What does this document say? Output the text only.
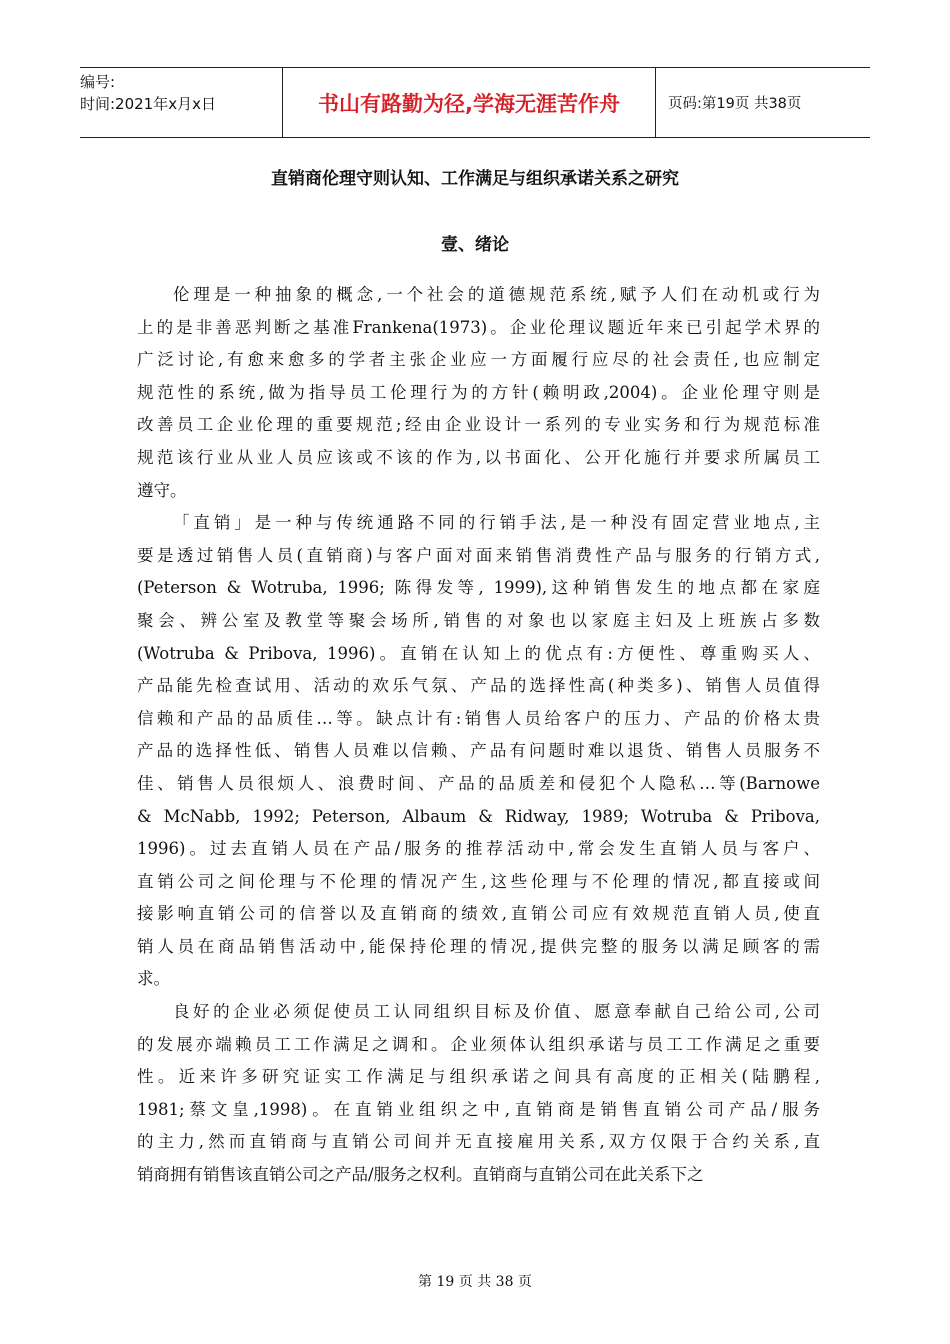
编号:
时间:2021年x月x日	书山有路勤为径,学海无涯苦作舟	页码:第19页 共38页
直销商伦理守则认知、工作满足与组织承诺关系之研究
壹、绪论
伦理是一种抽象的概念,一个社会的道德规范系统,赋予人们在动机或行为
上的是非善恶判断之基准Frankena(1973)。企业伦理议题近年来已引起学术界的
广泛讨论,有愈来愈多的学者主张企业应一方面履行应尽的社会责任,也应制定
规范性的系统,做为指导员工伦理行为的方针(赖明政,2004)。企业伦理守则是
改善员工企业伦理的重要规范;经由企业设计一系列的专业实务和行为规范标准
规范该行业从业人员应该或不该的作为,以书面化、公开化施行并要求所属员工
遵守。
「直销」是一种与传统通路不同的行销手法,是一种没有固定营业地点,主
要是透过销售人员(直销商)与客户面对面来销售消费性产品与服务的行销方式,
(Peterson & Wotruba, 1996; 陈得发等, 1999),这种销售发生的地点都在家庭
聚会、辨公室及教堂等聚会场所,销售的对象也以家庭主妇及上班族占多数
(Wotruba & Pribova, 1996)。直销在认知上的优点有:方便性、尊重购买人、
产品能先检查试用、活动的欢乐气氛、产品的选择性高(种类多)、销售人员值得
信赖和产品的品质佳…等。缺点计有:销售人员给客户的压力、产品的价格太贵
产品的选择性低、销售人员难以信赖、产品有问题时难以退货、销售人员服务不
佳、销售人员很烦人、浪费时间、产品的品质差和侵犯个人隐私…等(Barnowe
& McNabb, 1992; Peterson, Albaum & Ridway, 1989; Wotruba & Pribova,
1996)。过去直销人员在产品/服务的推荐活动中,常会发生直销人员与客户、
直销公司之间伦理与不伦理的情况产生,这些伦理与不伦理的情况,都直接或间
接影响直销公司的信誉以及直销商的绩效,直销公司应有效规范直销人员,使直
销人员在商品销售活动中,能保持伦理的情况,提供完整的服务以满足顾客的需
求。
良好的企业必须促使员工认同组织目标及价值、愿意奉献自己给公司,公司
的发展亦端赖员工工作满足之调和。企业须体认组织承诺与员工工作满足之重要
性。近来许多研究证实工作满足与组织承诺之间具有高度的正相关(陆鹏程,
1981;蔡文皇,1998)。在直销业组织之中,直销商是销售直销公司产品/服务
的主力,然而直销商与直销公司间并无直接雇用关系,双方仅限于合约关系,直
销商拥有销售该直销公司之产品/服务之权利。直销商与直销公司在此关系下之
第 19 页 共 38 页
